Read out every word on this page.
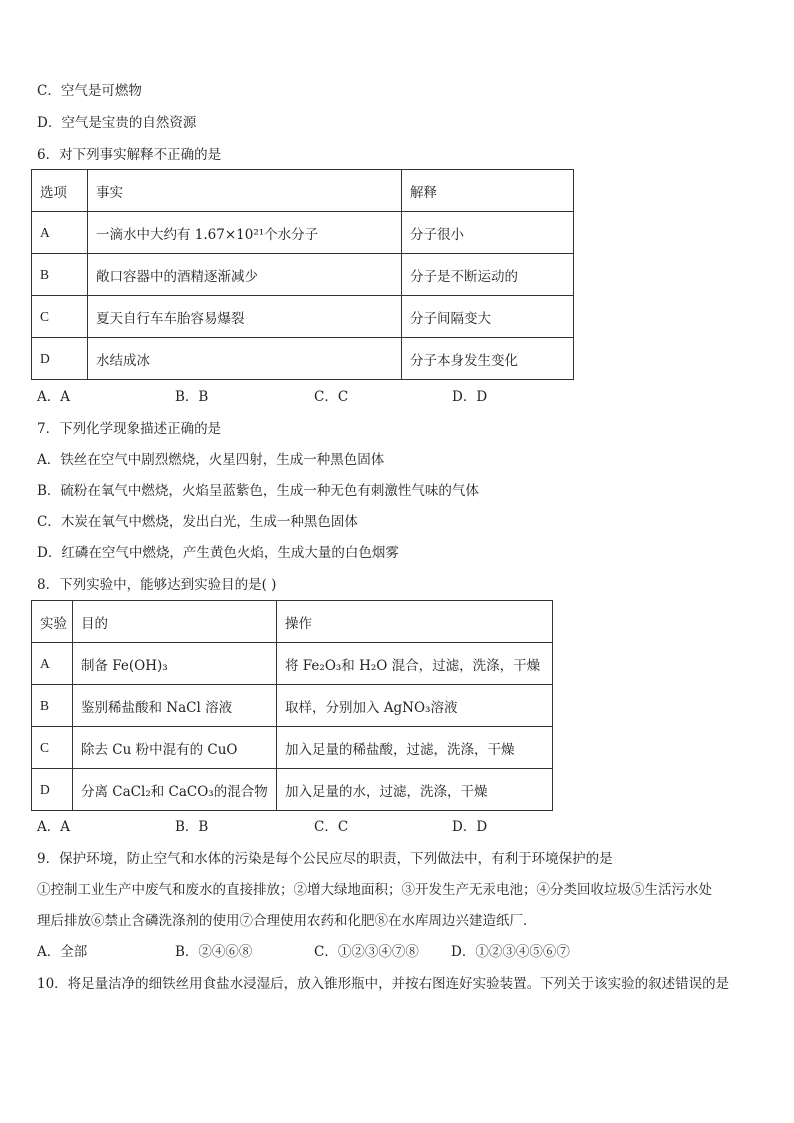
C．空气是可燃物
D．空气是宝贵的自然资源
6．对下列事实解释不正确的是
选项	事实	解释
A	一滴水中大约有 1.67×10²¹个水分子	分子很小
B	敞口容器中的酒精逐渐减少	分子是不断运动的
C	夏天自行车车胎容易爆裂	分子间隔变大
D	水结成冰	分子本身发生变化
A．A	B．B	C．C	D．D
7．下列化学现象描述正确的是
A．铁丝在空气中剧烈燃烧，火星四射，生成一种黑色固体
B．硫粉在氧气中燃烧，火焰呈蓝紫色，生成一种无色有刺激性气味的气体
C．木炭在氧气中燃烧，发出白光，生成一种黑色固体
D．红磷在空气中燃烧，产生黄色火焰，生成大量的白色烟雾
8．下列实验中，能够达到实验目的是( )
实验	目的	操作
A	制备 Fe(OH)₃	将 Fe₂O₃和 H₂O 混合，过滤，洗涤，干燥
B	鉴别稀盐酸和 NaCl 溶液	取样，分别加入 AgNO₃溶液
C	除去 Cu 粉中混有的 CuO	加入足量的稀盐酸，过滤，洗涤，干燥
D	分离 CaCl₂和 CaCO₃的混合物	加入足量的水，过滤，洗涤，干燥
A．A	B．B	C．C	D．D
9．保护环境，防止空气和水体的污染是每个公民应尽的职责，下列做法中，有利于环境保护的是
①控制工业生产中废气和废水的直接排放；②增大绿地面积；③开发生产无汞电池；④分类回收垃圾⑤生活污水处
理后排放⑥禁止含磷洗涤剂的使用⑦合理使用农药和化肥⑧在水库周边兴建造纸厂．
A．全部	B．②④⑥⑧	C．①②③④⑦⑧ D．①②③④⑤⑥⑦
10．将足量洁净的细铁丝用食盐水浸湿后，放入锥形瓶中，并按右图连好实验装置。下列关于该实验的叙述错误的是
